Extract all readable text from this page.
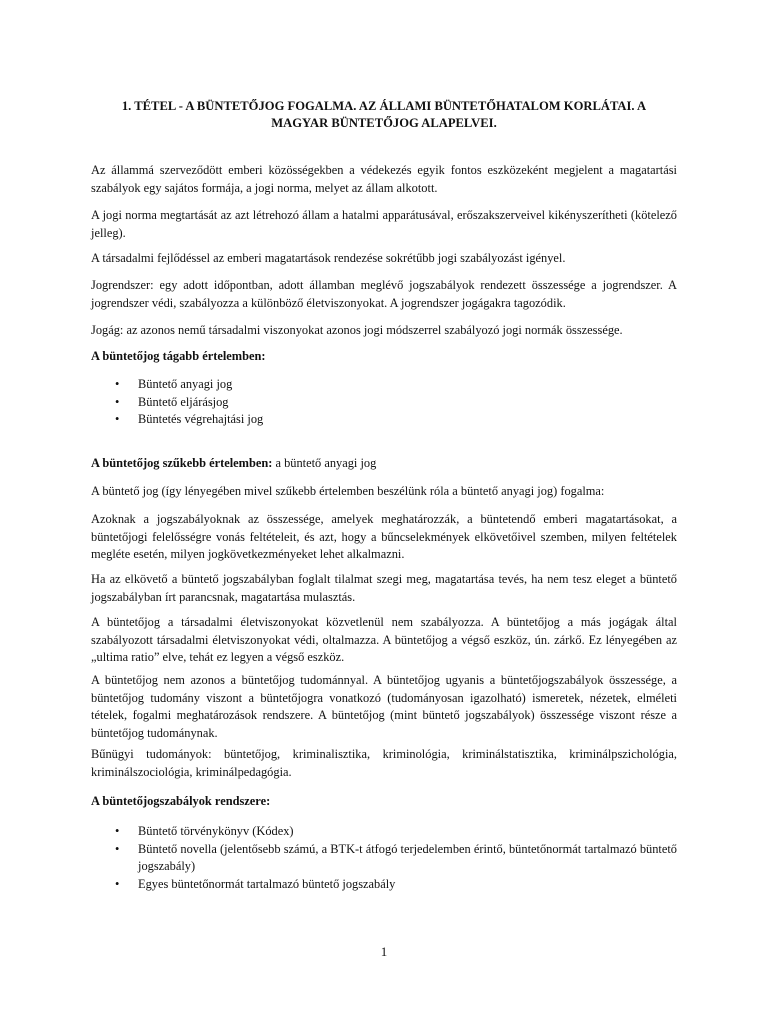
1. TÉTEL - A BÜNTETŐJOG FOGALMA. AZ ÁLLAMI BÜNTETŐHATALOM KORLÁTAI. A
MAGYAR BÜNTETŐJOG ALAPELVEI.

Az állammá szerveződött emberi közösségekben a védekezés egyik fontos eszközeként megjelent a magatartási szabályok egy sajátos formája, a jogi norma, melyet az állam alkotott.

A jogi norma megtartását az azt létrehozó állam a hatalmi apparátusával, erőszakszerveivel kikényszerítheti (kötelező jelleg).

A társadalmi fejlődéssel az emberi magatartások rendezése sokrétűbb jogi szabályozást igényel.

Jogrendszer: egy adott időpontban, adott államban meglévő jogszabályok rendezett összessége a jogrendszer. A jogrendszer védi, szabályozza a különböző életviszonyokat. A jogrendszer jogágakra tagozódik.

Jogág: az azonos nemű társadalmi viszonyokat azonos jogi módszerrel szabályozó jogi normák összessége.

A büntetőjog tágabb értelemben:

• Büntető anyagi jog
• Büntető eljárásjog
• Büntetés végrehajtási jog

A büntetőjog szűkebb értelemben: a büntető anyagi jog

A büntető jog (így lényegében mivel szűkebb értelemben beszélünk róla a büntető anyagi jog) fogalma:

Azoknak a jogszabályoknak az összessége, amelyek meghatározzák, a büntetendő emberi magatartásokat, a büntetőjogi felelősségre vonás feltételeit, és azt, hogy a bűncselekmények elkövetőivel szemben, milyen feltételek megléte esetén, milyen jogkövetkezményeket lehet alkalmazni.

Ha az elkövető a büntető jogszabályban foglalt tilalmat szegi meg, magatartása tevés, ha nem tesz eleget a büntető jogszabályban írt parancsnak, magatartása mulasztás.

A büntetőjog a társadalmi életviszonyokat közvetlenül nem szabályozza. A büntetőjog a más jogágak által szabályozott társadalmi életviszonyokat védi, oltalmazza. A büntetőjog a végső eszköz, ún. zárkő. Ez lényegében az „ultima ratio” elve, tehát ez legyen a végső eszköz.

A büntetőjog nem azonos a büntetőjog tudománnyal. A büntetőjog ugyanis a büntetőjogszabályok összessége, a büntetőjog tudomány viszont a büntetőjogra vonatkozó (tudományosan igazolható) ismeretek, nézetek, elméleti tételek, fogalmi meghatározások rendszere. A büntetőjog (mint büntető jogszabályok) összessége viszont része a büntetőjog tudománynak.

Bűnügyi tudományok: büntetőjog, kriminalisztika, kriminológia, kriminálstatisztika, kriminálpszichológia, kriminálszociológia, kriminálpedagógia.

A büntetőjogszabályok rendszere:

• Büntető törvénykönyv (Kódex)
• Büntető novella (jelentősebb számú, a BTK-t átfogó terjedelemben érintő, büntetőnormát tartalmazó büntető jogszabály)
• Egyes büntetőnormát tartalmazó büntető jogszabály
1
